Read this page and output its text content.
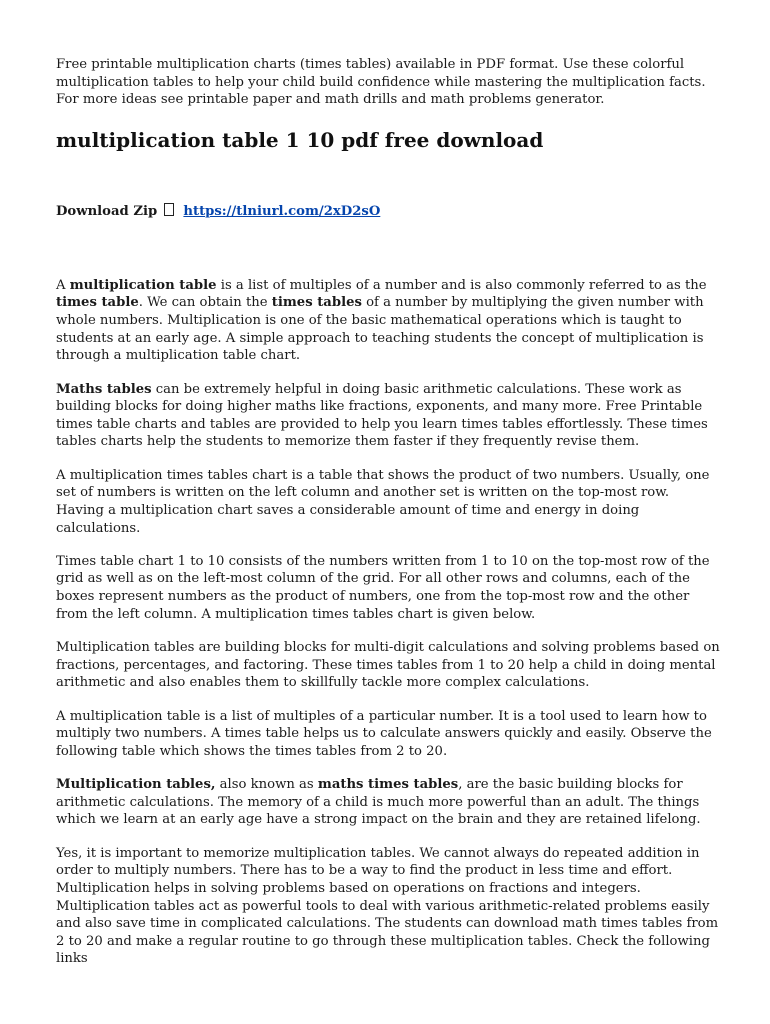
Free printable multiplication charts (times tables) available in PDF format. Use these colorful multiplication tables to help your child build confidence while mastering the multiplication facts. For more ideas see printable paper and math drills and math problems generator.

multiplication table 1 10 pdf free download
Download Zip https://tlniurl.com/2xD2sO

A multiplication table is a list of multiples of a number and is also commonly referred to as the times table. We can obtain the times tables of a number by multiplying the given number with whole numbers. Multiplication is one of the basic mathematical operations which is taught to students at an early age. A simple approach to teaching students the concept of multiplication is through a multiplication table chart.

Maths tables can be extremely helpful in doing basic arithmetic calculations. These work as building blocks for doing higher maths like fractions, exponents, and many more. Free Printable times table charts and tables are provided to help you learn times tables effortlessly. These times tables charts help the students to memorize them faster if they frequently revise them.

A multiplication times tables chart is a table that shows the product of two numbers. Usually, one set of numbers is written on the left column and another set is written on the top-most row. Having a multiplication chart saves a considerable amount of time and energy in doing calculations.

Times table chart 1 to 10 consists of the numbers written from 1 to 10 on the top-most row of the grid as well as on the left-most column of the grid. For all other rows and columns, each of the boxes represent numbers as the product of numbers, one from the top-most row and the other from the left column. A multiplication times tables chart is given below.

Multiplication tables are building blocks for multi-digit calculations and solving problems based on fractions, percentages, and factoring. These times tables from 1 to 20 help a child in doing mental arithmetic and also enables them to skillfully tackle more complex calculations.

A multiplication table is a list of multiples of a particular number. It is a tool used to learn how to multiply two numbers. A times table helps us to calculate answers quickly and easily. Observe the following table which shows the times tables from 2 to 20.

Multiplication tables, also known as maths times tables, are the basic building blocks for arithmetic calculations. The memory of a child is much more powerful than an adult. The things which we learn at an early age have a strong impact on the brain and they are retained lifelong.

Yes, it is important to memorize multiplication tables. We cannot always do repeated addition in order to multiply numbers. There has to be a way to find the product in less time and effort. Multiplication helps in solving problems based on operations on fractions and integers. Multiplication tables act as powerful tools to deal with various arithmetic-related problems easily and also save time in complicated calculations. The students can download math times tables from 2 to 20 and make a regular routine to go through these multiplication tables. Check the following links
